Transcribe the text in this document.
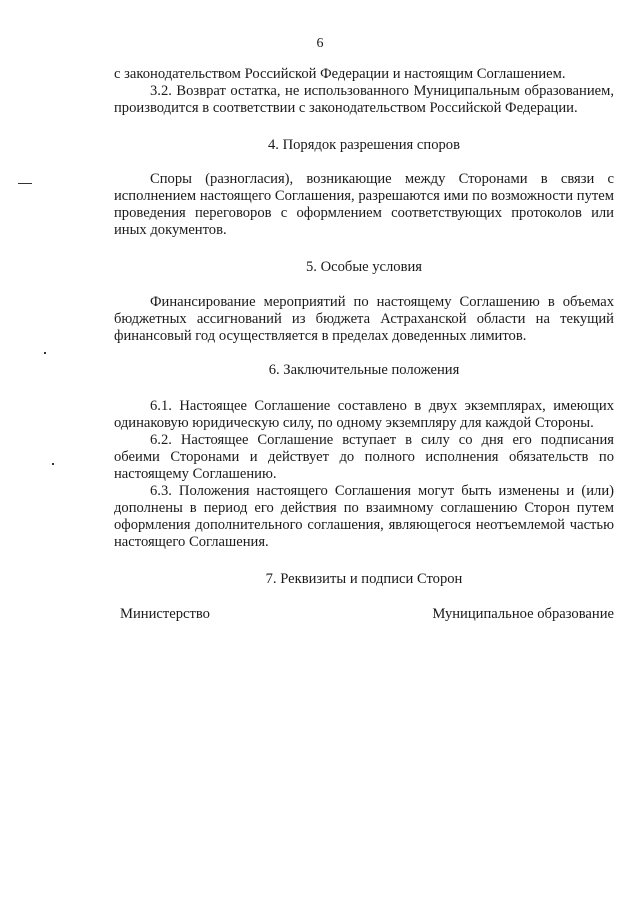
6

с законодательством Российской Федерации и настоящим Соглашением.

3.2. Возврат остатка, не использованного Муниципальным образованием, производится в соответствии с законодательством Российской Федерации.

4. Порядок разрешения споров

Споры (разногласия), возникающие между Сторонами в связи с исполнением настоящего Соглашения, разрешаются ими по возможности путем проведения переговоров с оформлением соответствующих протоколов или иных документов.

5. Особые условия

Финансирование мероприятий по настоящему Соглашению в объемах бюджетных ассигнований из бюджета Астраханской области на текущий финансовый год осуществляется в пределах доведенных лимитов.

6. Заключительные положения

6.1. Настоящее Соглашение составлено в двух экземплярах, имеющих одинаковую юридическую силу, по одному экземпляру для каждой Стороны.

6.2. Настоящее Соглашение вступает в силу со дня его подписания обеими Сторонами и действует до полного исполнения обязательств по настоящему Соглашению.

6.3. Положения настоящего Соглашения могут быть изменены и (или) дополнены в период его действия по взаимному соглашению Сторон путем оформления дополнительного соглашения, являющегося неотъемлемой частью настоящего Соглашения.

7. Реквизиты и подписи Сторон
Министерство	Муниципальное образование
